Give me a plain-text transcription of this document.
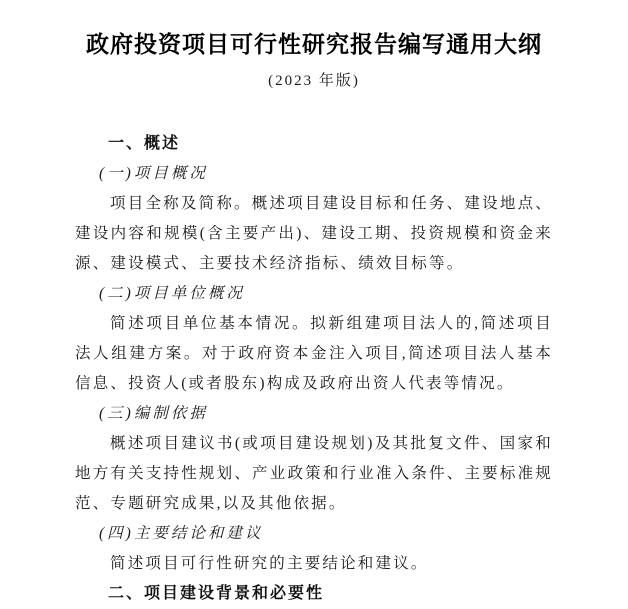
政府投资项目可行性研究报告编写通用大纲
(2023 年版)
一、概述
(一)项目概况
项目全称及简称。概述项目建设目标和任务、建设地点、建设内容和规模(含主要产出)、建设工期、投资规模和资金来源、建设模式、主要技术经济指标、绩效目标等。
(二)项目单位概况
简述项目单位基本情况。拟新组建项目法人的,简述项目法人组建方案。对于政府资本金注入项目,简述项目法人基本信息、投资人(或者股东)构成及政府出资人代表等情况。
(三)编制依据
概述项目建议书(或项目建设规划)及其批复文件、国家和地方有关支持性规划、产业政策和行业准入条件、主要标准规范、专题研究成果,以及其他依据。
(四)主要结论和建议
简述项目可行性研究的主要结论和建议。
二、项目建设背景和必要性
